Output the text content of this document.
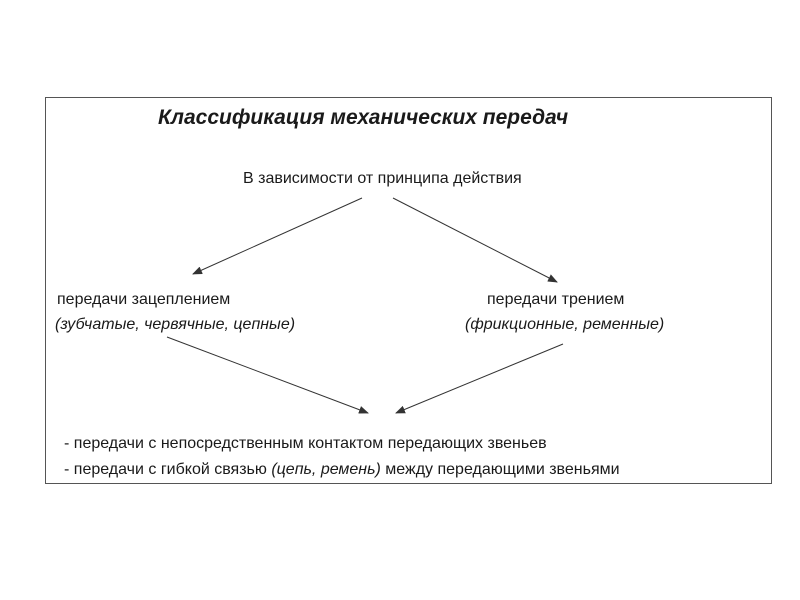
Классификация механических передач
В зависимости от принципа действия
передачи зацеплением
(зубчатые, червячные, цепные)
передачи трением
(фрикционные, ременные)
- передачи с непосредственным контактом передающих звеньев
- передачи с гибкой связью (цепь, ремень) между передающими звеньями
